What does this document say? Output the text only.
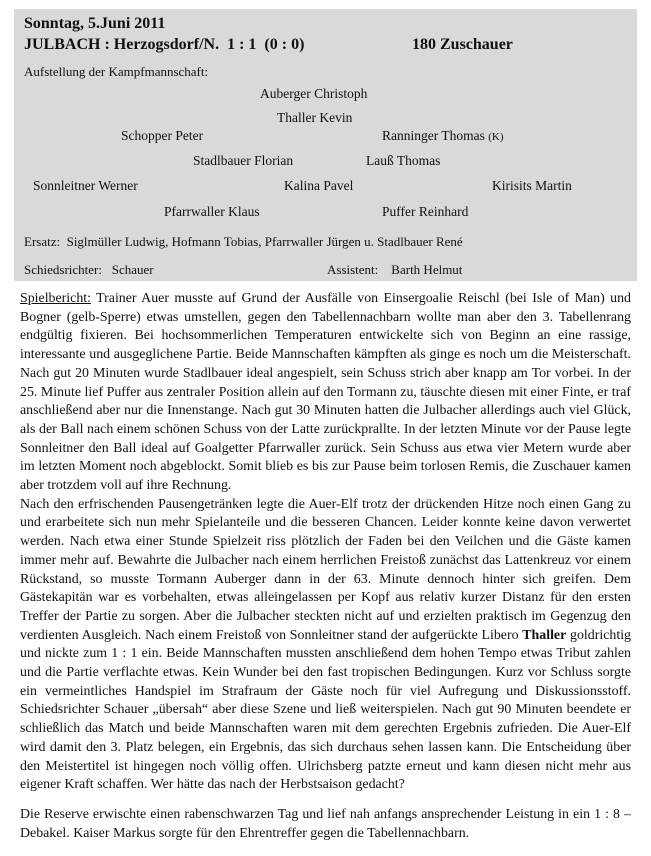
Sonntag, 5.Juni 2011
JULBACH : Herzogsdorf/N.  1 : 1  (0 : 0)	180 Zuschauer
Aufstellung der Kampfmannschaft:
Auberger Christoph
Thaller Kevin
Schopper Peter	Ranninger Thomas (K)
Stadlbauer Florian	Lauß Thomas
Sonnleitner Werner	Kalina Pavel	Kirisits Martin
Pfarrwaller Klaus	Puffer Reinhard
Ersatz: Siglmüller Ludwig, Hofmann Tobias, Pfarrwaller Jürgen u. Stadlbauer René
Schiedsrichter: Schauer	Assistent: Barth Helmut

Spielbericht: Trainer Auer musste auf Grund der Ausfälle von Einsergoalie Reischl (bei Isle of Man) und Bogner (gelb-Sperre) etwas umstellen, gegen den Tabellennachbarn wollte man aber den 3. Tabellenrang endgültig fixieren. Bei hochsommerlichen Temperaturen entwickelte sich von Beginn an eine rassige, interessante und ausgeglichene Partie. Beide Mannschaften kämpften als ginge es noch um die Meisterschaft. Nach gut 20 Minuten wurde Stadlbauer ideal angespielt, sein Schuss strich aber knapp am Tor vorbei. In der 25. Minute lief Puffer aus zentraler Position allein auf den Tormann zu, täuschte diesen mit einer Finte, er traf anschließend aber nur die Innenstange. Nach gut 30 Minuten hatten die Julbacher allerdings auch viel Glück, als der Ball nach einem schönen Schuss von der Latte zurückprallte. In der letzten Minute vor der Pause legte Sonnleitner den Ball ideal auf Goalgetter Pfarrwaller zurück. Sein Schuss aus etwa vier Metern wurde aber im letzten Moment noch abgeblockt. Somit blieb es bis zur Pause beim torlosen Remis, die Zuschauer kamen aber trotzdem voll auf ihre Rechnung.

Nach den erfrischenden Pausengetränken legte die Auer-Elf trotz der drückenden Hitze noch einen Gang zu und erarbeitete sich nun mehr Spielanteile und die besseren Chancen. Leider konnte keine davon verwertet werden. Nach etwa einer Stunde Spielzeit riss plötzlich der Faden bei den Veilchen und die Gäste kamen immer mehr auf. Bewahrte die Julbacher nach einem herrlichen Freistoß zunächst das Lattenkreuz vor einem Rückstand, so musste Tormann Auberger dann in der 63. Minute dennoch hinter sich greifen. Dem Gästekapitän war es vorbehalten, etwas alleingelassen per Kopf aus relativ kurzer Distanz für den ersten Treffer der Partie zu sorgen. Aber die Julbacher steckten nicht auf und erzielten praktisch im Gegenzug den verdienten Ausgleich. Nach einem Freistoß von Sonnleitner stand der aufgerückte Libero Thaller goldrichtig und nickte zum 1 : 1 ein. Beide Mannschaften mussten anschließend dem hohen Tempo etwas Tribut zahlen und die Partie verflachte etwas. Kein Wunder bei den fast tropischen Bedingungen. Kurz vor Schluss sorgte ein vermeintliches Handspiel im Strafraum der Gäste noch für viel Aufregung und Diskussionsstoff. Schiedsrichter Schauer „übersah“ aber diese Szene und ließ weiterspielen. Nach gut 90 Minuten beendete er schließlich das Match und beide Mannschaften waren mit dem gerechten Ergebnis zufrieden. Die Auer-Elf wird damit den 3. Platz belegen, ein Ergebnis, das sich durchaus sehen lassen kann. Die Entscheidung über den Meistertitel ist hingegen noch völlig offen. Ulrichsberg patzte erneut und kann diesen nicht mehr aus eigener Kraft schaffen. Wer hätte das nach der Herbstsaison gedacht?

Die Reserve erwischte einen rabenschwarzen Tag und lief nah anfangs ansprechender Leistung in ein 1 : 8 – Debakel. Kaiser Markus sorgte für den Ehrentreffer gegen die Tabellennachbarn.
